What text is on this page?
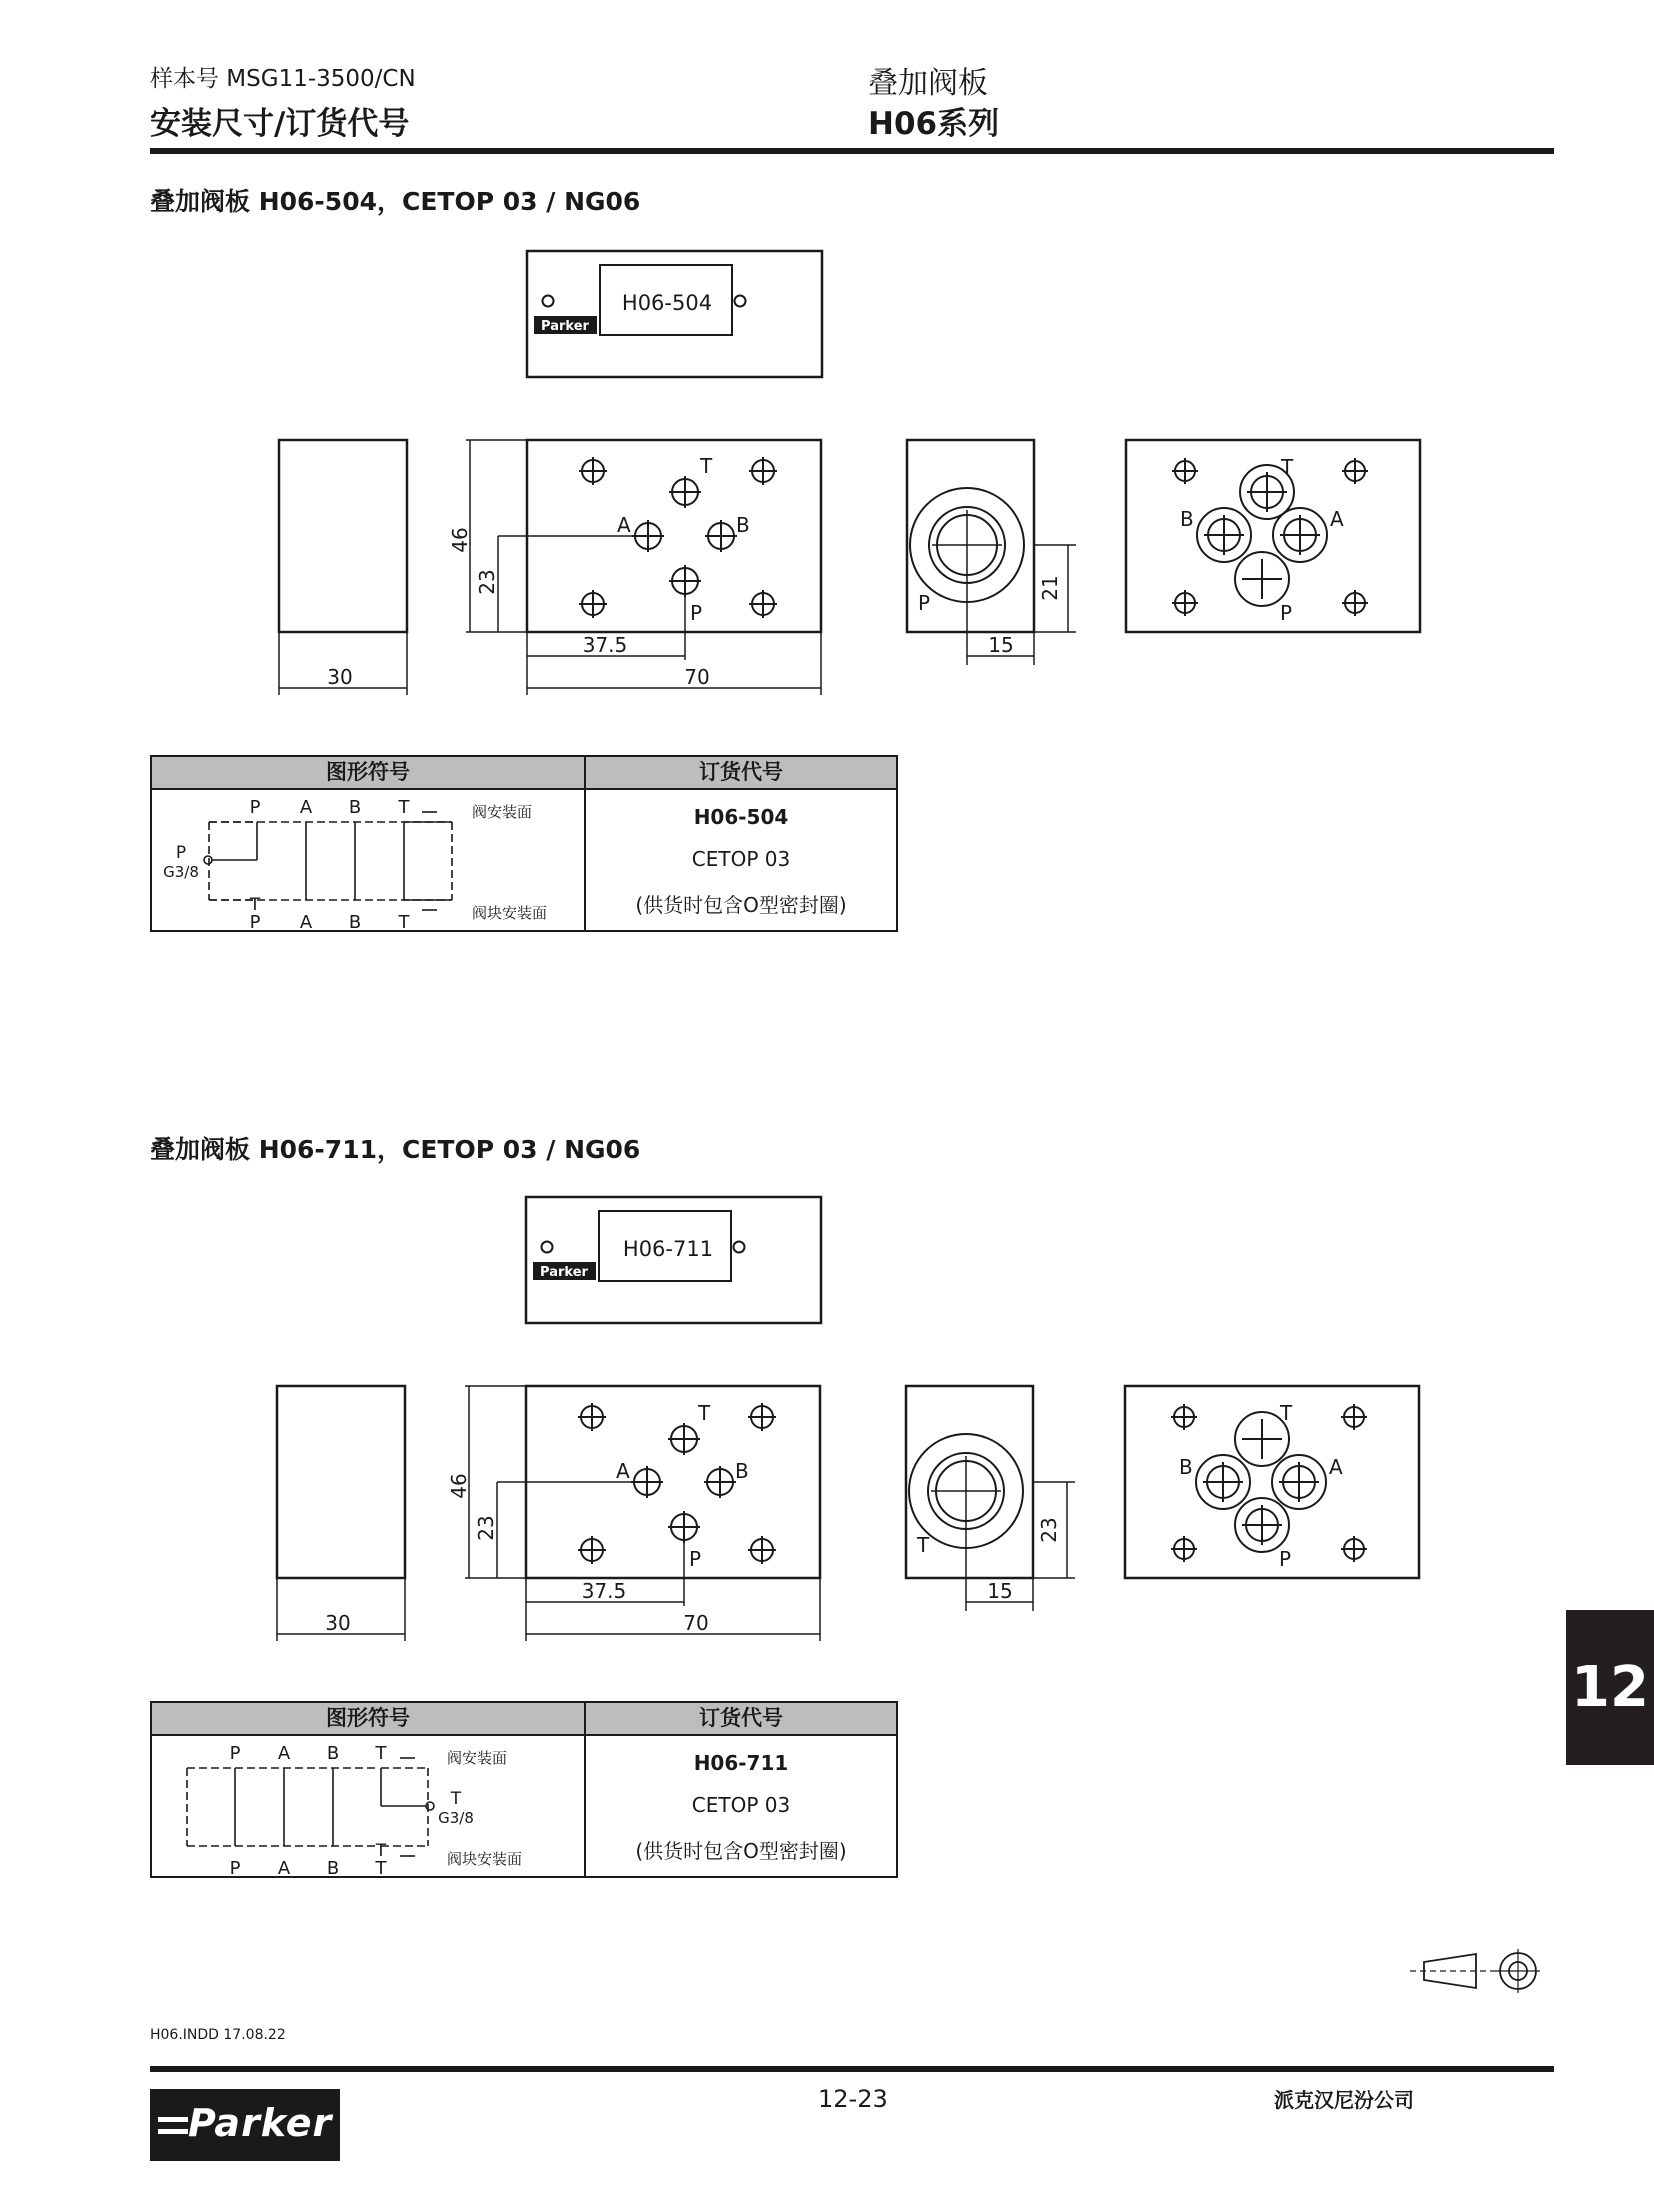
样本号 MSG11-3500/CN
安装尺寸/订货代号
叠加阀板
H06系列
12
叠加阀板 H06-504，CETOP 03 / NG06
H06-504
Parker
T
A	B
P
46
23
37.5
70
30
P
15
21
T
B	A
P
H06-711
Parker
T
A	B
P
46
23
37.5
70
30
T
15
23
T
B	A
P
图形符号	订货代号
H06-504
CETOP 03
(供货时包含O型密封圈)
P A B T
P A B T
T
P
G3/8
阀安装面
阀块安装面
叠加阀板 H06-711，CETOP 03 / NG06
图形符号	订货代号
H06-711
CETOP 03
(供货时包含O型密封圈)
P A B T
P A B T
T
T
G3/8
阀安装面
阀块安装面
H06.INDD 17.08.22
12-23	派克汉尼汾公司
Parker
